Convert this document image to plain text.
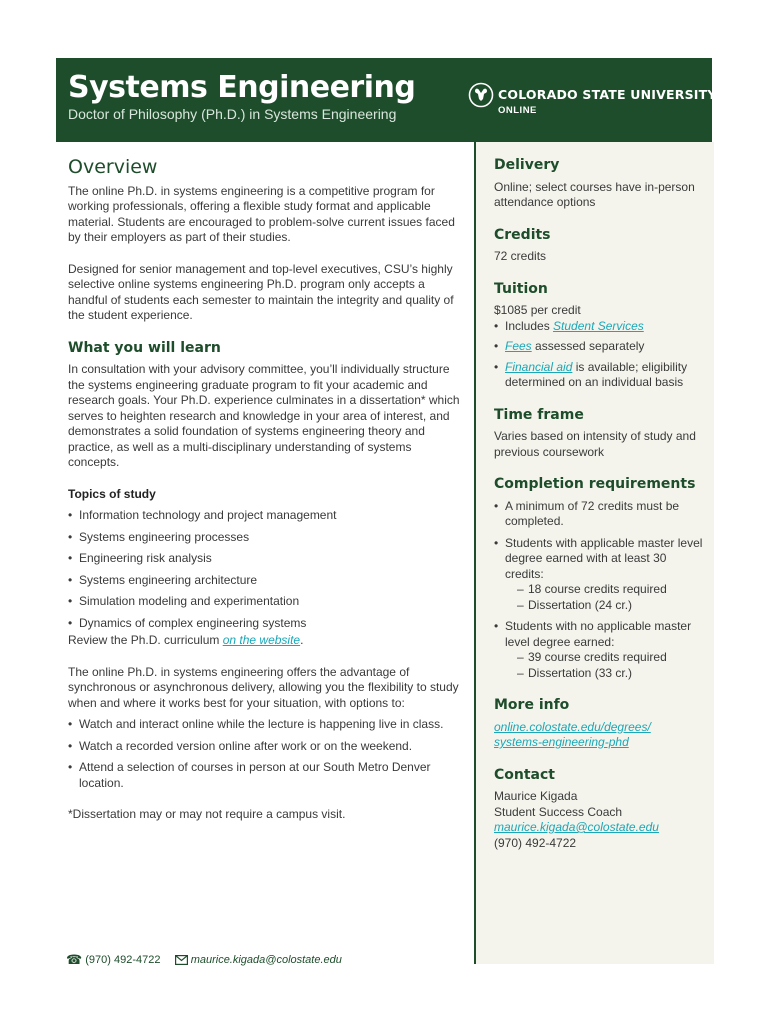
Systems Engineering
Doctor of Philosophy (Ph.D.) in Systems Engineering
COLORADO STATE UNIVERSITY
ONLINE
Overview

The online Ph.D. in systems engineering is a competitive program for working professionals, offering a flexible study format and applicable material. Students are encouraged to problem-solve current issues faced by their employers as part of their studies.

Designed for senior management and top-level executives, CSU’s highly selective online systems engineering Ph.D. program only accepts a handful of students each semester to maintain the integrity and quality of the student experience.

What you will learn

In consultation with your advisory committee, you’ll individually structure the systems engineering graduate program to fit your academic and research goals. Your Ph.D. experience culminates in a dissertation* which serves to heighten research and knowledge in your area of interest, and demonstrates a solid foundation of systems engineering theory and practice, as well as a multi-disciplinary understanding of systems concepts.

Topics of study
• Information technology and project management
• Systems engineering processes
• Engineering risk analysis
• Systems engineering architecture
• Simulation modeling and experimentation
• Dynamics of complex engineering systems

Review the Ph.D. curriculum on the website.

The online Ph.D. in systems engineering offers the advantage of synchronous or asynchronous delivery, allowing you the flexibility to study when and where it works best for your situation, with options to:

• Watch and interact online while the lecture is happening live in class.
• Watch a recorded version online after work or on the weekend.
• Attend a selection of courses in person at our South Metro Denver location.

*Dissertation may or may not require a campus visit.

Delivery

Online; select courses have in-person attendance options

Credits

72 credits

Tuition

$1085 per credit

• Includes Student Services
• Fees assessed separately
• Financial aid is available; eligibility determined on an individual basis
Time frame

Varies based on intensity of study and previous coursework

Completion requirements
• A minimum of 72 credits must be completed.
• Students with applicable master level degree earned with at least 30 credits:
– 18 course credits required
– Dissertation (24 cr.)
• Students with no applicable master level degree earned:
– 39 course credits required
– Dissertation (33 cr.)
More info
online.colostate.edu/degrees/
systems-engineering-phd
Contact

Maurice Kigada

Student Success Coach

maurice.kigada@colostate.edu

(970) 492-4722

☎ (970) 492-4722	maurice.kigada@colostate.edu
